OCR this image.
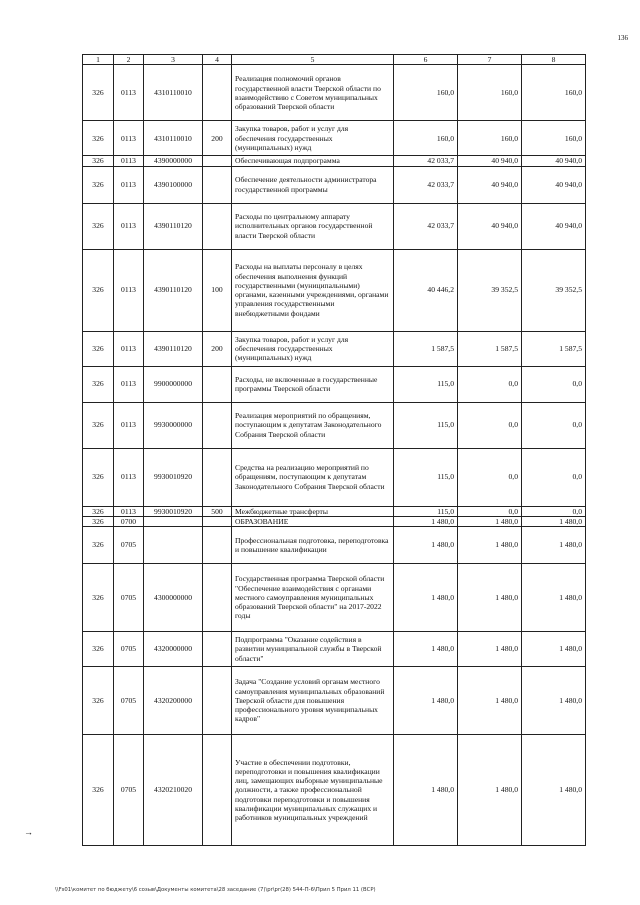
136
1	2	3	4	5	6	7	8
326	0113	4310110010		Реализация полномочий органов государственной власти Тверской области по взаимодействию с Советом муниципальных образований Тверской области	160,0	160,0	160,0
326	0113	4310110010	200	Закупка товаров, работ и услуг для обеспечения государственных (муниципальных) нужд	160,0	160,0	160,0
326	0113	4390000000		Обеспечивающая подпрограмма	42 033,7	40 940,0	40 940,0
326	0113	4390100000		Обеспечение деятельности администратора государственной программы	42 033,7	40 940,0	40 940,0
326	0113	4390110120		Расходы по центральному аппарату исполнительных органов государственной власти Тверской области	42 033,7	40 940,0	40 940,0
326	0113	4390110120	100	Расходы на выплаты персоналу в целях обеспечения выполнения функций государственными (муниципальными) органами, казенными учреждениями, органами управления государственными внебюджетными фондами	40 446,2	39 352,5	39 352,5
326	0113	4390110120	200	Закупка товаров, работ и услуг для обеспечения государственных (муниципальных) нужд	1 587,5	1 587,5	1 587,5
326	0113	9900000000		Расходы, не включенные в государственные программы Тверской области	115,0	0,0	0,0
326	0113	9930000000		Реализация мероприятий по обращениям, поступающим к депутатам Законодательного Собрания Тверской области	115,0	0,0	0,0
326	0113	9930010920		Средства на реализацию мероприятий по обращениям, поступающим к депутатам Законодательного Собрания Тверской области	115,0	0,0	0,0
326	0113	9930010920	500	Межбюджетные трансферты	115,0	0,0	0,0
326	0700			ОБРАЗОВАНИЕ	1 480,0	1 480,0	1 480,0
326	0705			Профессиональная подготовка, переподготовка и повышение квалификации	1 480,0	1 480,0	1 480,0
326	0705	4300000000		Государственная программа Тверской области "Обеспечение взаимодействия с органами местного самоуправления муниципальных образований Тверской области" на 2017-2022 годы	1 480,0	1 480,0	1 480,0
326	0705	4320000000		Подпрограмма "Оказание содействия в развитии муниципальной службы в Тверской области"	1 480,0	1 480,0	1 480,0
326	0705	4320200000		Задача "Создание условий органам местного самоуправления муниципальных образований Тверской области для повышения профессионального уровня муниципальных кадров"	1 480,0	1 480,0	1 480,0
326	0705	4320210020		Участие в обеспечении подготовки, переподготовки и повышения квалификации лиц, замещающих выборные муниципальные должности, а также профессиональной подготовки переподготовки и повышения квалификации муниципальных служащих и работников муниципальных учреждений	1 480,0	1 480,0	1 480,0
→
\\Fs01\комитет по бюджету\6 созыв\Документы комитета\28 заседание (7)\pr\pr(28) 544-П-6\Прил 5 Прил 11 (ВСР)
